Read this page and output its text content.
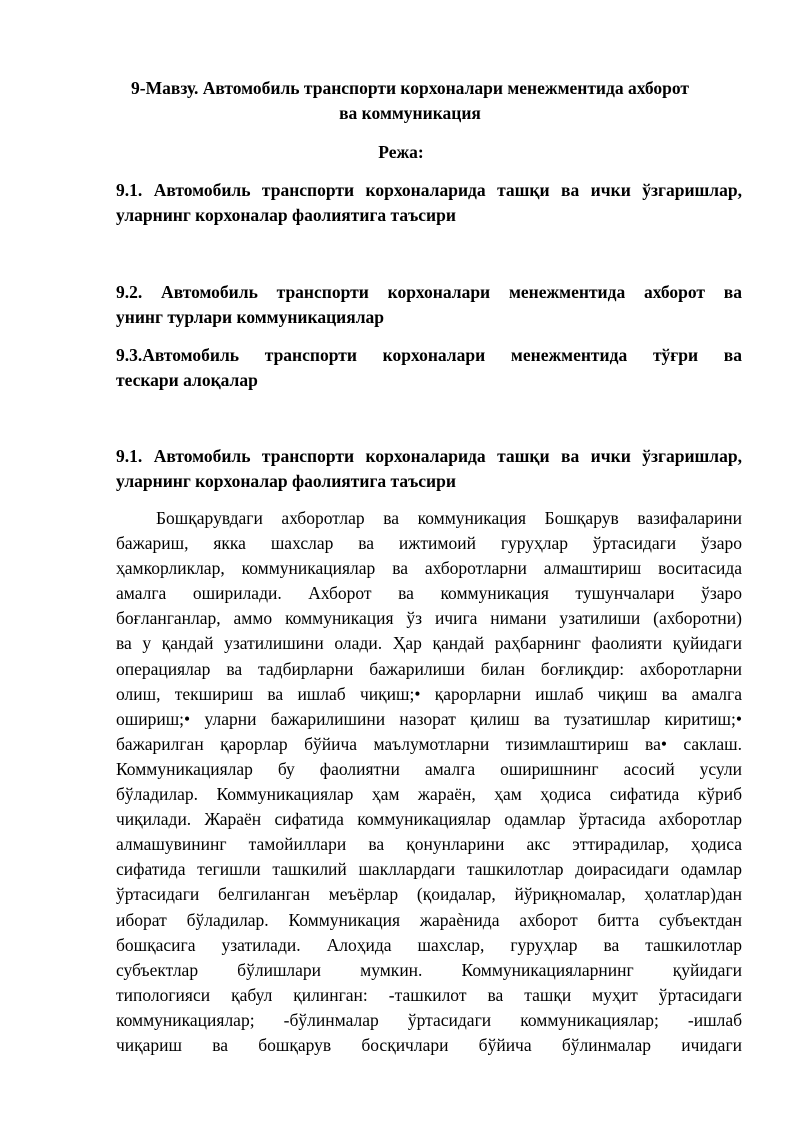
9-Мавзу. Автомобиль транспорти корхоналари менежментида ахборот
ва коммуникация
Режа:
9.1. Автомобиль транспорти корхоналарида ташқи ва ички ўзгаришлар,
уларнинг корхоналар фаолиятига таъсири
9.2. Автомобиль транспорти корхоналари менежментида ахборот ва
унинг турлари коммуникациялар
9.3.Автомобиль транспорти корхоналари менежментида тўғри ва
тескари алоқалар
9.1. Автомобиль транспорти корхоналарида ташқи ва ички ўзгаришлар,
уларнинг корхоналар фаолиятига таъсири
Бошқарувдаги ахборотлар ва коммуникация Бошқарув вазифаларини
бажариш, якка шахслар ва ижтимоий гуруҳлар ўртасидаги ўзаро
ҳамкорликлар, коммуникациялар ва ахборотларни алмаштириш воситасида
амалга оширилади. Ахборот ва коммуникация тушунчалари ўзаро
боғланганлар, аммо коммуникация ўз ичига нимани узатилиши (ахборотни)
ва у қандай узатилишини олади. Ҳар қандай раҳбарнинг фаолияти қуйидаги
операциялар ва тадбирларни бажарилиши билан боғлиқдир: ахборотларни
олиш, текшириш ва ишлаб чиқиш;• қарорларни ишлаб чиқиш ва амалга
ошириш;• уларни бажарилишини назорат қилиш ва тузатишлар киритиш;•
бажарилган қарорлар бўйича маълумотларни тизимлаштириш ва• саклаш.
Коммуникациялар бу фаолиятни амалга оширишнинг асосий усули
бўладилар. Коммуникациялар ҳам жараён, ҳам ҳодиса сифатида кўриб
чиқилади. Жараён сифатида коммуникациялар одамлар ўртасида ахборотлар
алмашувининг тамойиллари ва қонунларини акс эттирадилар, ҳодиса
сифатида тегишли ташкилий шакллардаги ташкилотлар доирасидаги одамлар
ўртасидаги белгиланган меъёрлар (қоидалар, йўриқномалар, ҳолатлар)дан
иборат бўладилар. Коммуникация жараѐнида ахборот битта субъектдан
бошқасига узатилади. Алоҳида шахслар, гуруҳлар ва ташкилотлар
субъектлар бўлишлари мумкин. Коммуникацияларнинг қуйидаги
типологияси қабул қилинган: -ташкилот ва ташқи муҳит ўртасидаги
коммуникациялар; -бўлинмалар ўртасидаги коммуникациялар; -ишлаб
чиқариш ва бошқарув босқичлари бўйича бўлинмалар ичидаги
